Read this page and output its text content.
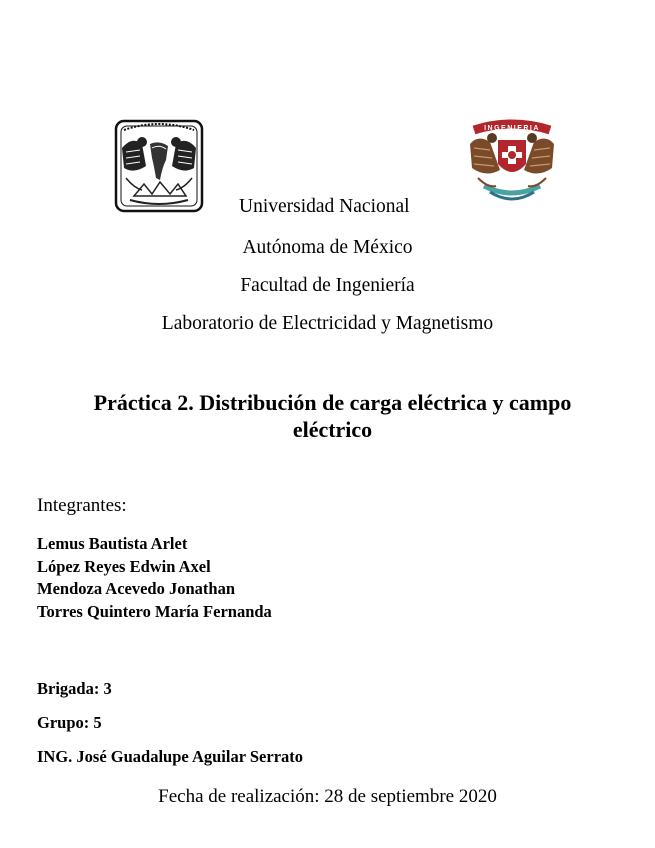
INGENIERIA

Universidad Nacional

Autónoma de México

Facultad de Ingeniería

Laboratorio de Electricidad y Magnetismo

Práctica 2. Distribución de carga eléctrica y campo
eléctrico

Integrantes:

Lemus Bautista Arlet
López Reyes Edwin Axel
Mendoza Acevedo Jonathan
Torres Quintero María Fernanda

Brigada: 3

Grupo: 5

ING. José Guadalupe Aguilar Serrato

Fecha de realización: 28 de septiembre 2020
